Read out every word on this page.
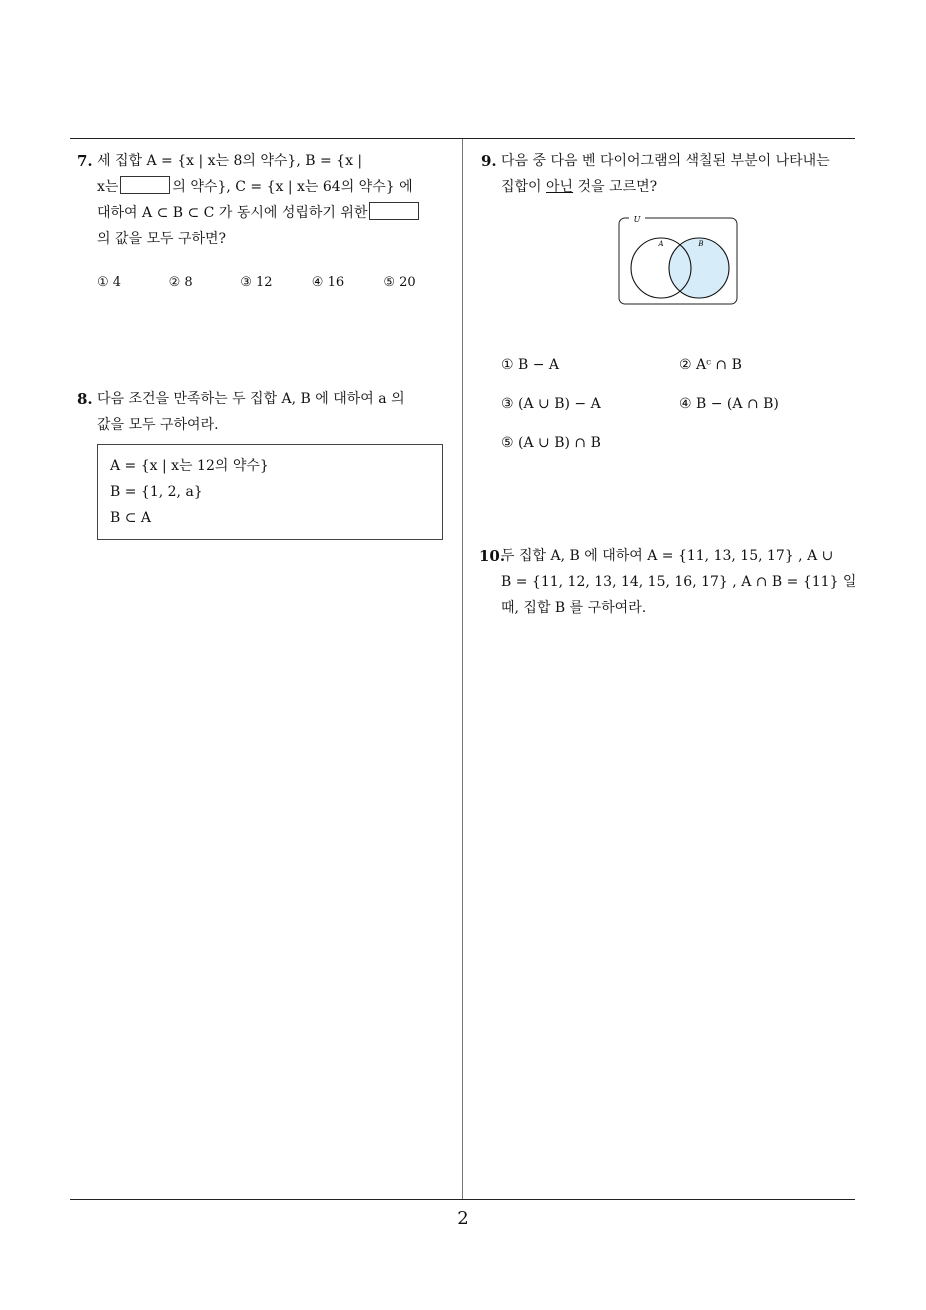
7. 세 집합 A = {x | x는 8의 약수}, B = {x |

x는	의 약수}, C = {x | x는 64의 약수} 에

대하여 A ⊂ B ⊂ C 가 동시에 성립하기 위한

의 값을 모두 구하면?

① 4	② 8	③ 12	④ 16	⑤ 20
8. 다음 조건을 만족하는 두 집합 A, B 에 대하여 a 의

값을 모두 구하여라.

A = {x | x는 12의 약수}
B = {1, 2, a}
B ⊂ A
9. 다음 중 다음 벤 다이어그램의 색칠된 부분이 나타내는

집합이 아닌 것을 고르면?

U
A	B
① B − A	② Aᶜ ∩ B
③ (A ∪ B) − A	④ B − (A ∩ B)
⑤ (A ∪ B) ∩ B
10.

두 집합 A, B 에 대하여 A = {11, 13, 15, 17} , A ∪

B = {11, 12, 13, 14, 15, 16, 17} , A ∩ B = {11} 일

때, 집합 B 를 구하여라.

2
